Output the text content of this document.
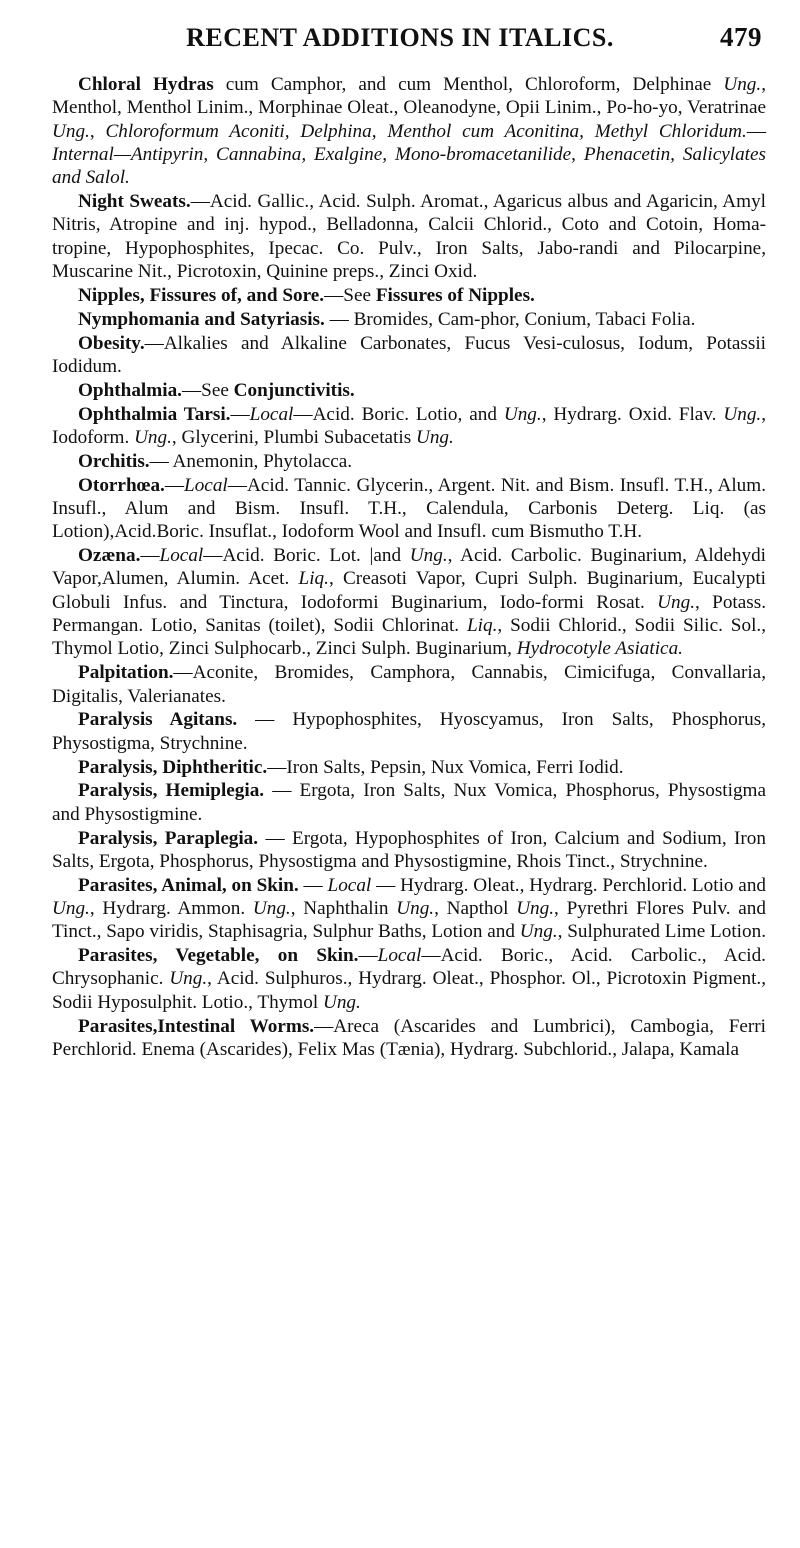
RECENT ADDITIONS IN ITALICS.	479

Chloral Hydras cum Camphor, and cum Menthol, Chloroform, Delphinae Ung., Menthol, Menthol Linim., Morphinae Oleat., Oleanodyne, Opii Linim., Po-ho-yo, Veratrinae Ung., Chloroformum Aconiti, Delphina, Menthol cum Aconitina, Methyl Chloridum.—Internal—Antipyrin, Cannabina, Exalgine, Mono-bromacetanilide, Phenacetin, Salicylates and Salol.

Night Sweats.—Acid. Gallic., Acid. Sulph. Aromat., Agaricus albus and Agaricin, Amyl Nitris, Atropine and inj. hypod., Belladonna, Calcii Chlorid., Coto and Cotoin, Homa-tropine, Hypophosphites, Ipecac. Co. Pulv., Iron Salts, Jabo-randi and Pilocarpine, Muscarine Nit., Picrotoxin, Quinine preps., Zinci Oxid.

Nipples, Fissures of, and Sore.—See Fissures of Nipples.

Nymphomania and Satyriasis. — Bromides, Cam-phor, Conium, Tabaci Folia.

Obesity.—Alkalies and Alkaline Carbonates, Fucus Vesi-culosus, Iodum, Potassii Iodidum.

Ophthalmia.—See Conjunctivitis.

Ophthalmia Tarsi.—Local—Acid. Boric. Lotio, and Ung., Hydrarg. Oxid. Flav. Ung., Iodoform. Ung., Glycerini, Plumbi Subacetatis Ung.

Orchitis.— Anemonin, Phytolacca.

Otorrhœa.—Local—Acid. Tannic. Glycerin., Argent. Nit. and Bism. Insufl. T.H., Alum. Insufl., Alum and Bism. Insufl. T.H., Calendula, Carbonis Deterg. Liq. (as Lotion),Acid.Boric. Insuflat., Iodoform Wool and Insufl. cum Bismutho T.H.

Ozæna.—Local—Acid. Boric. Lot. |and Ung., Acid. Carbolic. Buginarium, Aldehydi Vapor,Alumen, Alumin. Acet. Liq., Creasoti Vapor, Cupri Sulph. Buginarium, Eucalypti Globuli Infus. and Tinctura, Iodoformi Buginarium, Iodo-formi Rosat. Ung., Potass. Permangan. Lotio, Sanitas (toilet), Sodii Chlorinat. Liq., Sodii Chlorid., Sodii Silic. Sol., Thymol Lotio, Zinci Sulphocarb., Zinci Sulph. Buginarium, Hydrocotyle Asiatica.

Palpitation.—Aconite, Bromides, Camphora, Cannabis, Cimicifuga, Convallaria, Digitalis, Valerianates.

Paralysis Agitans. — Hypophosphites, Hyoscyamus, Iron Salts, Phosphorus, Physostigma, Strychnine.

Paralysis, Diphtheritic.—Iron Salts, Pepsin, Nux Vomica, Ferri Iodid.

Paralysis, Hemiplegia. — Ergota, Iron Salts, Nux Vomica, Phosphorus, Physostigma and Physostigmine.

Paralysis, Paraplegia. — Ergota, Hypophosphites of Iron, Calcium and Sodium, Iron Salts, Ergota, Phosphorus, Physostigma and Physostigmine, Rhois Tinct., Strychnine.

Parasites, Animal, on Skin. — Local — Hydrarg. Oleat., Hydrarg. Perchlorid. Lotio and Ung., Hydrarg. Ammon. Ung., Naphthalin Ung., Napthol Ung., Pyrethri Flores Pulv. and Tinct., Sapo viridis, Staphisagria, Sulphur Baths, Lotion and Ung., Sulphurated Lime Lotion.

Parasites, Vegetable, on Skin.—Local—Acid. Boric., Acid. Carbolic., Acid. Chrysophanic. Ung., Acid. Sulphuros., Hydrarg. Oleat., Phosphor. Ol., Picrotoxin Pigment., Sodii Hyposulphit. Lotio., Thymol Ung.

Parasites,Intestinal Worms.—Areca (Ascarides and Lumbrici), Cambogia, Ferri Perchlorid. Enema (Ascarides), Felix Mas (Tænia), Hydrarg. Subchlorid., Jalapa, Kamala
